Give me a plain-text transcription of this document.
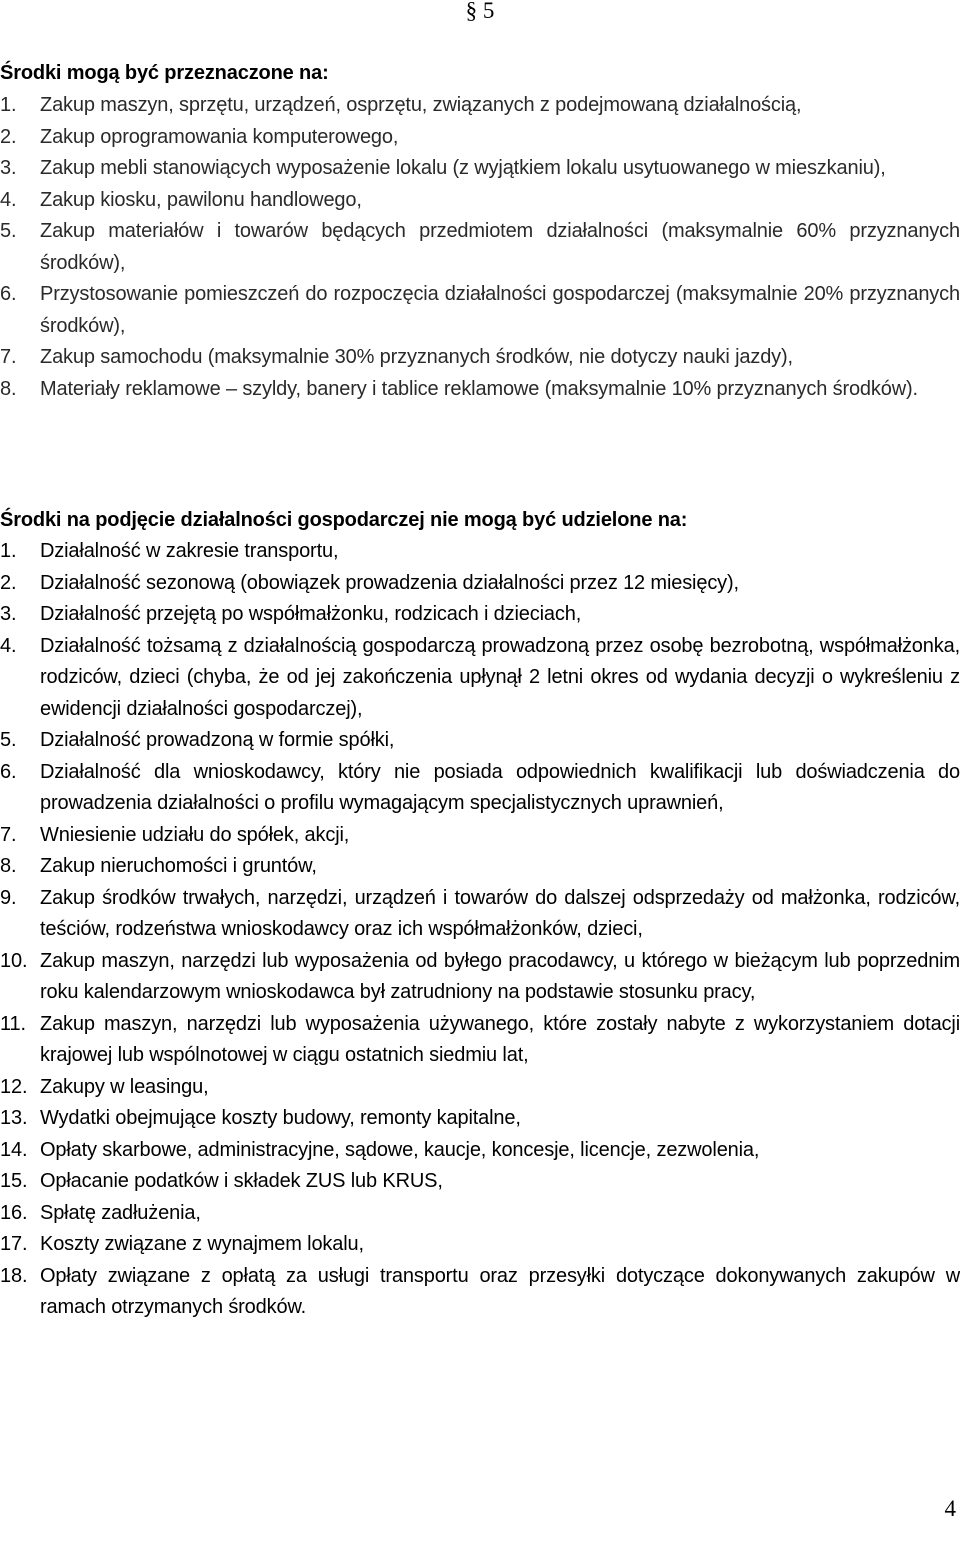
§ 5
Środki mogą być przeznaczone na:
1. Zakup maszyn, sprzętu, urządzeń, osprzętu, związanych z podejmowaną działalnością,
2. Zakup oprogramowania komputerowego,
3. Zakup mebli stanowiących wyposażenie lokalu (z wyjątkiem lokalu usytuowanego w mieszkaniu),
4. Zakup kiosku, pawilonu handlowego,
5. Zakup materiałów i towarów będących przedmiotem działalności (maksymalnie 60% przyznanych środków),
6. Przystosowanie pomieszczeń do rozpoczęcia działalności gospodarczej (maksymalnie 20% przyznanych środków),
7. Zakup samochodu (maksymalnie 30% przyznanych środków, nie dotyczy nauki jazdy),
8. Materiały reklamowe – szyldy, banery i tablice reklamowe (maksymalnie 10% przyznanych środków).
Środki na podjęcie działalności gospodarczej nie mogą być udzielone na:
1. Działalność w zakresie transportu,
2. Działalność sezonową (obowiązek prowadzenia działalności przez 12 miesięcy),
3. Działalność przejętą po współmałżonku, rodzicach i dzieciach,
4. Działalność tożsamą z działalnością gospodarczą prowadzoną przez osobę bezrobotną, współmałżonka, rodziców, dzieci (chyba, że od jej zakończenia upłynął 2 letni okres od wydania decyzji o wykreśleniu z ewidencji działalności gospodarczej),
5. Działalność prowadzoną w formie spółki,
6. Działalność dla wnioskodawcy, który nie posiada odpowiednich kwalifikacji lub doświadczenia do prowadzenia działalności o profilu wymagającym specjalistycznych uprawnień,
7. Wniesienie udziału do spółek, akcji,
8. Zakup nieruchomości i gruntów,
9. Zakup środków trwałych, narzędzi, urządzeń i towarów do dalszej odsprzedaży od małżonka, rodziców, teściów, rodzeństwa wnioskodawcy oraz ich współmałżonków, dzieci,
10. Zakup maszyn, narzędzi lub wyposażenia od byłego pracodawcy, u którego w bieżącym lub poprzednim roku kalendarzowym wnioskodawca był zatrudniony na podstawie stosunku pracy,
11. Zakup maszyn, narzędzi lub wyposażenia używanego, które zostały nabyte z wykorzystaniem dotacji krajowej lub wspólnotowej w ciągu ostatnich siedmiu lat,
12. Zakupy w leasingu,
13. Wydatki obejmujące koszty budowy, remonty kapitalne,
14. Opłaty skarbowe, administracyjne, sądowe, kaucje, koncesje, licencje, zezwolenia,
15. Opłacanie podatków i składek ZUS lub KRUS,
16. Spłatę zadłużenia,
17. Koszty związane z wynajmem lokalu,
18. Opłaty związane z opłatą za usługi transportu oraz przesyłki dotyczące dokonywanych zakupów w ramach otrzymanych środków.
4
